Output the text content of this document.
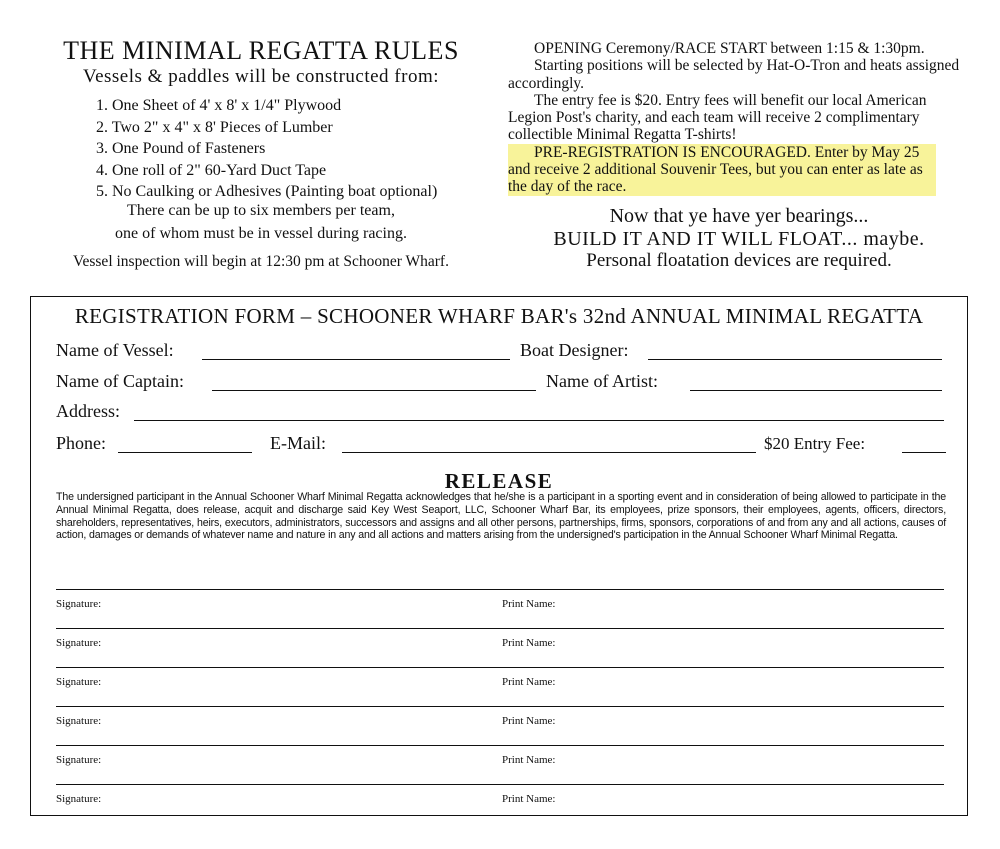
THE MINIMAL REGATTA RULES
Vessels & paddles will be constructed from:
1. One Sheet of 4' x 8' x 1/4" Plywood
2. Two 2" x 4" x 8' Pieces of Lumber
3. One Pound of Fasteners
4. One roll of 2" 60-Yard Duct Tape
5. No Caulking or Adhesives (Painting boat optional)
There can be up to six members per team,
one of whom must be in vessel during racing.
Vessel inspection will begin at 12:30 pm at Schooner Wharf.

OPENING Ceremony/RACE START between 1:15 & 1:30pm.

Starting positions will be selected by Hat-O-Tron and heats assigned accordingly.

The entry fee is $20. Entry fees will benefit our local American Legion Post's charity, and each team will receive 2 complimentary collectible Minimal Regatta T-shirts!

PRE-REGISTRATION IS ENCOURAGED. Enter by May 25 and receive 2 additional Souvenir Tees, but you can enter as late as the day of the race.

Now that ye have yer bearings...
BUILD IT AND IT WILL FLOAT... maybe.
Personal floatation devices are required.
REGISTRATION FORM – SCHOONER WHARF BAR's 32nd ANNUAL MINIMAL REGATTA
Name of Vessel:	Boat Designer:
Name of Captain:	Name of Artist:
Address:
Phone:	E-Mail:	$20 Entry Fee:
RELEASE

The undersigned participant in the Annual Schooner Wharf Minimal Regatta acknowledges that he/she is a participant in a sporting event and in consideration of being allowed to participate in the Annual Minimal Regatta, does release, acquit and discharge said Key West Seaport, LLC, Schooner Wharf Bar, its employees, prize sponsors, their employees, agents, officers, directors, shareholders, representatives, heirs, executors, administrators, successors and assigns and all other persons, partnerships, firms, sponsors, corporations of and from any and all actions, causes of action, damages or demands of whatever name and nature in any and all actions and matters arising from the undersigned's participation in the Annual Schooner Wharf Minimal Regatta.

Signature:	Print Name:
Signature:	Print Name:
Signature:	Print Name:
Signature:	Print Name:
Signature:	Print Name:
Signature:	Print Name:
